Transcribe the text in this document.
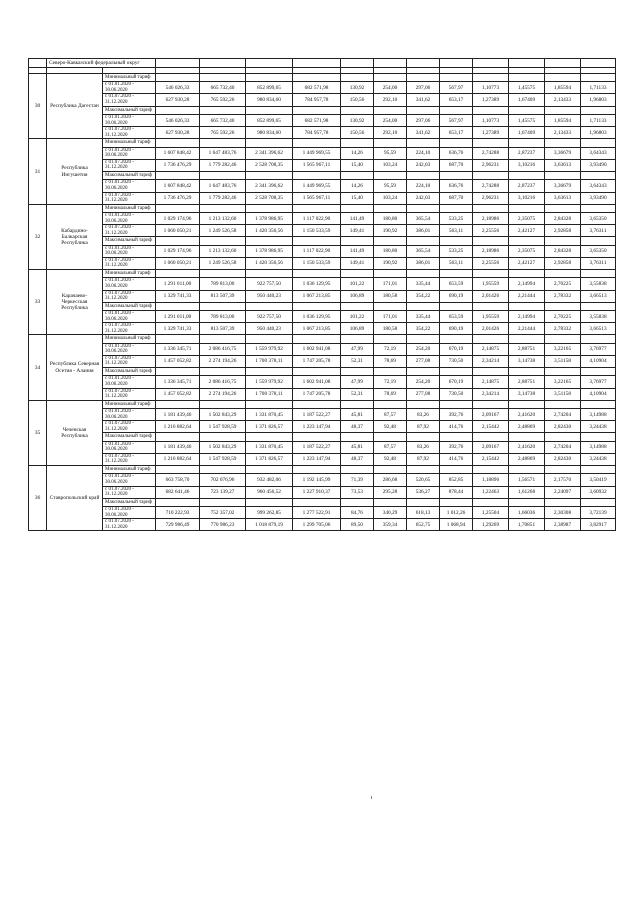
	Северо-Кавказский федеральный округ													

30	Республика Дагестан	Минимальный тариф												
		с 01.01.2020 - 30.06.2020	546 026,33	665 732,40	852 899,65	682 571,98	130,92	254,00	297,06	567,97	1,10773	1,45575	1,85594	1,71133
		с 01.07.2020 - 31.12.2020	627 930,28	765 592,26	980 834,60	784 957,78	150,56	292,10	341,62	653,17	1,27389	1,67409	2,13433	1,96803
		Максимальный тариф												
		с 01.01.2020 - 30.06.2020	546 026,33	665 732,40	852 899,65	682 571,98	130,92	254,00	297,06	567,97	1,10773	1,45575	1,85594	1,71133
		с 01.07.2020 - 31.12.2020	627 930,28	765 592,26	980 834,60	784 957,78	150,56	292,10	341,62	653,17	1,27389	1,67409	2,13433	1,96803
31	Республика Ингушетия	Минимальный тариф												
		с 01.01.2020 - 30.06.2020	1 607 848,42	1 647 483,76	2 341 396,62	1 449 969,55	14,26	95,59	224,10	636,76	2,74288	2,87237	3,36679	3,64343
		с 01.07.2020 - 31.12.2020	1 736 476,29	1 779 282,46	2 528 708,35	1 565 967,11	15,40	103,24	242,03	687,70	2,96231	3,10216	3,63613	3,93490
		Максимальный тариф												
		с 01.01.2020 - 30.06.2020	1 607 848,42	1 647 483,76	2 341 396,62	1 449 969,55	14,26	95,59	224,10	636,76	2,74288	2,87237	3,36679	3,64343
		с 01.07.2020 - 31.12.2020	1 736 476,29	1 779 282,46	2 528 708,35	1 565 967,11	15,40	103,24	242,03	687,70	2,96231	3,10216	3,63613	3,93490
32	Кабардино-Балкарская Республика	Минимальный тариф												
		с 01.01.2020 - 30.06.2020	1 029 174,96	1 213 132,60	1 378 986,95	1 117 022,90	141,49	180,80	365,54	533,25	2,18986	2,35075	2,84328	3,65350
		с 01.07.2020 - 31.12.2020	1 060 050,21	1 249 526,58	1 420 356,56	1 150 533,59	149,41	190,92	386,01	563,11	2,25556	2,42127	2,92858	3,76311
		Максимальный тариф												
		с 01.01.2020 - 30.06.2020	1 029 174,96	1 213 132,60	1 378 986,95	1 117 022,90	141,49	180,80	365,54	533,25	2,18986	2,35075	2,84328	3,65350
		с 01.07.2020 - 31.12.2020	1 060 050,21	1 249 526,58	1 420 356,56	1 150 533,59	149,41	190,92	386,01	563,11	2,25556	2,42127	2,92858	3,76311
33	Карачаево-Черкесская Республика	Минимальный тариф												
		с 01.01.2020 - 30.06.2020	1 291 011,00	789 813,00	922 757,50	1 036 129,95	101,22	171,01	335,44	653,59	1,95559	2,14994	2,70225	3,55838
		с 01.07.2020 - 31.12.2020	1 329 741,33	813 507,39	950 440,23	1 067 213,85	106,89	180,58	354,22	690,19	2,01426	2,21444	2,78332	3,66513
		Максимальный тариф												
		с 01.01.2020 - 30.06.2020	1 291 011,00	789 813,00	922 757,50	1 036 129,95	101,22	171,01	335,44	653,59	1,95559	2,14994	2,70225	3,55838
		с 01.07.2020 - 31.12.2020	1 329 741,33	813 507,39	950 440,23	1 067 213,85	106,89	180,58	354,22	690,19	2,01426	2,21444	2,78332	3,66513
34	Республика Северная Осетия - Алания	Минимальный тариф												
		с 01.01.2020 - 30.06.2020	1 336 345,71	2 086 416,75	1 559 979,92	1 602 941,08	47,99	72,19	254,20	670,19	2,14875	2,88751	3,22165	3,76977
		с 01.07.2020 - 31.12.2020	1 457 052,82	2 274 194,26	1 700 378,11	1 747 205,78	52,31	78,69	277,08	730,50	2,34214	3,14738	3,51158	4,10904
		Максимальный тариф												
		с 01.01.2020 - 30.06.2020	1 336 345,71	2 086 416,75	1 559 979,92	1 602 941,08	47,99	72,19	254,20	670,19	2,14875	2,88751	3,22165	3,76977
		с 01.07.2020 - 31.12.2020	1 457 052,82	2 274 194,26	1 700 378,11	1 747 205,78	52,31	78,69	277,08	730,50	2,34214	3,14738	3,51158	4,10904
35	Чеченская Республика	Минимальный тариф												
		с 01.01.2020 - 30.06.2020	1 181 439,46	1 502 843,29	1 331 870,45	1 187 522,27	45,81	87,57	83,26	392,76	2,09167	2,41620	2,74204	3,14988
		с 01.07.2020 - 31.12.2020	1 216 882,64	1 547 928,59	1 371 826,57	1 223 147,94	48,37	92,48	87,92	414,76	2,15442	2,48869	2,82430	3,24438
		Максимальный тариф												
		с 01.01.2020 - 30.06.2020	1 181 439,46	1 502 843,29	1 331 870,45	1 187 522,27	45,81	87,57	83,26	392,76	2,09167	2,41620	2,74204	3,14988
		с 01.07.2020 - 31.12.2020	1 216 882,64	1 547 928,59	1 371 826,57	1 223 147,94	48,37	92,48	87,92	414,76	2,15442	2,48869	2,82430	3,24438
36	Ставропольский край	Минимальный тариф												
		с 01.01.2020 - 30.06.2020	663 758,70	702 076,96	932 482,06	1 192 145,99	71,39	286,68	520,65	852,85	1,18896	1,56571	2,17570	3,50419
		с 01.07.2020 - 31.12.2020	682 641,46	723 139,27	960 456,52	1 227 910,37	73,53	295,28	536,27	878,44	1,22463	1,61268	2,24097	3,60932
		Максимальный тариф												
		с 01.01.2020 - 30.06.2020	710 222,93	752 357,02	999 262,85	1 277 522,91	84,76	340,29	618,13	1 012,26	1,25504	1,66036	2,30308	3,72139
		с 01.07.2020 - 31.12.2020	729 986,49	770 986,23	1 018 879,19	1 299 705,06	89,50	359,34	652,75	1 068,94	1,29269	1,70851	2,38987	3,82917
